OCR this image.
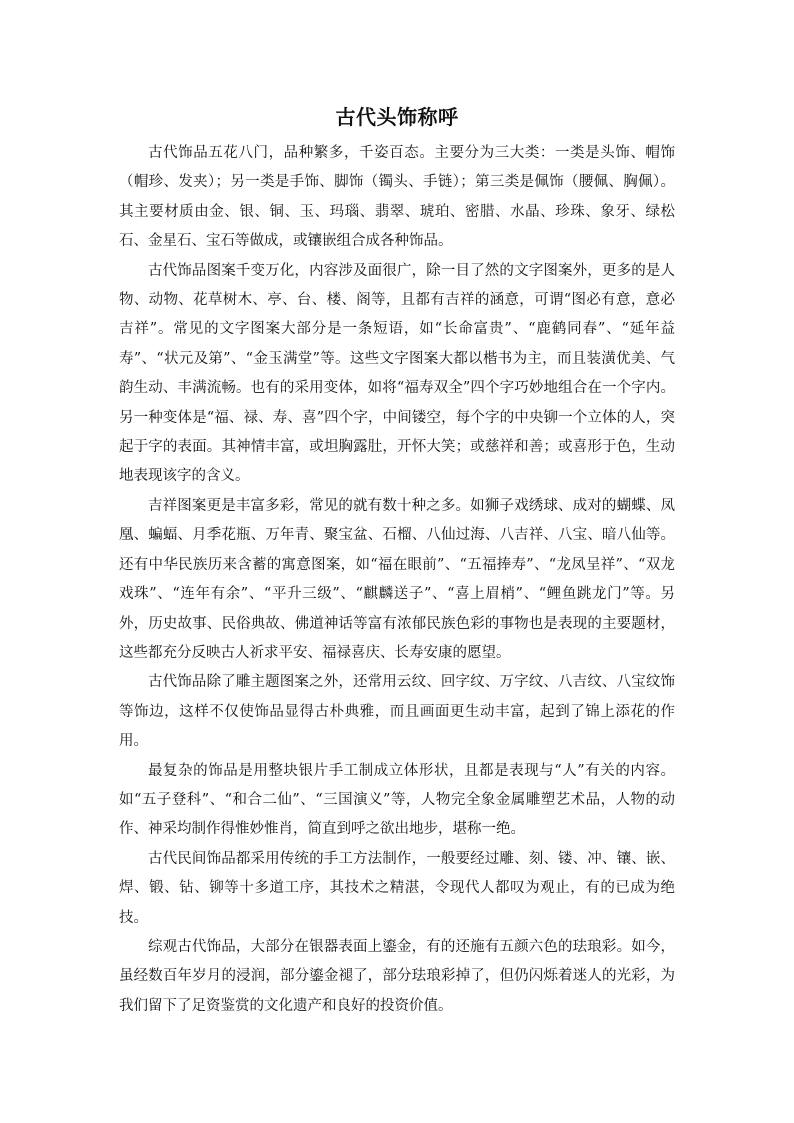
古代头饰称呼

古代饰品五花八门，品种繁多，千姿百态。主要分为三大类：一类是头饰、帽饰（帽珍、发夹）；另一类是手饰、脚饰（镯头、手链）；第三类是佩饰（腰佩、胸佩）。其主要材质由金、银、铜、玉、玛瑙、翡翠、琥珀、密腊、水晶、珍珠、象牙、绿松石、金星石、宝石等做成，或镶嵌组合成各种饰品。

古代饰品图案千变万化，内容涉及面很广，除一目了然的文字图案外，更多的是人物、动物、花草树木、亭、台、楼、阁等，且都有吉祥的涵意，可谓“图必有意，意必吉祥”。常见的文字图案大部分是一条短语，如“长命富贵”、“鹿鹤同春”、“延年益寿”、“状元及第”、“金玉满堂”等。这些文字图案大都以楷书为主，而且装潢优美、气韵生动、丰满流畅。也有的采用变体，如将“福寿双全”四个字巧妙地组合在一个字内。另一种变体是“福、禄、寿、喜”四个字，中间镂空，每个字的中央铆一个立体的人，突起于字的表面。其神情丰富，或坦胸露肚，开怀大笑；或慈祥和善；或喜形于色，生动地表现该字的含义。

吉祥图案更是丰富多彩，常见的就有数十种之多。如狮子戏绣球、成对的蝴蝶、凤凰、蝙蝠、月季花瓶、万年青、聚宝盆、石榴、八仙过海、八吉祥、八宝、暗八仙等。还有中华民族历来含蓄的寓意图案，如“福在眼前”、“五福捧寿”、“龙凤呈祥”、“双龙戏珠”、“连年有余”、“平升三级”、“麒麟送子”、“喜上眉梢”、“鲤鱼跳龙门”等。另外，历史故事、民俗典故、佛道神话等富有浓郁民族色彩的事物也是表现的主要题材，这些都充分反映古人祈求平安、福禄喜庆、长寿安康的愿望。

古代饰品除了雕主题图案之外，还常用云纹、回字纹、万字纹、八吉纹、八宝纹饰等饰边，这样不仅使饰品显得古朴典雅，而且画面更生动丰富，起到了锦上添花的作用。

最复杂的饰品是用整块银片手工制成立体形状，且都是表现与“人”有关的内容。如“五子登科”、“和合二仙”、“三国演义”等，人物完全象金属雕塑艺术品，人物的动作、神采均制作得惟妙惟肖，简直到呼之欲出地步，堪称一绝。

古代民间饰品都采用传统的手工方法制作，一般要经过雕、刻、镂、冲、镶、嵌、焊、锻、钻、铆等十多道工序，其技术之精湛，令现代人都叹为观止，有的已成为绝技。

综观古代饰品，大部分在银器表面上鎏金，有的还施有五颜六色的珐琅彩。如今，虽经数百年岁月的浸润，部分鎏金褪了，部分珐琅彩掉了，但仍闪烁着迷人的光彩，为我们留下了足资鉴赏的文化遗产和良好的投资价值。
